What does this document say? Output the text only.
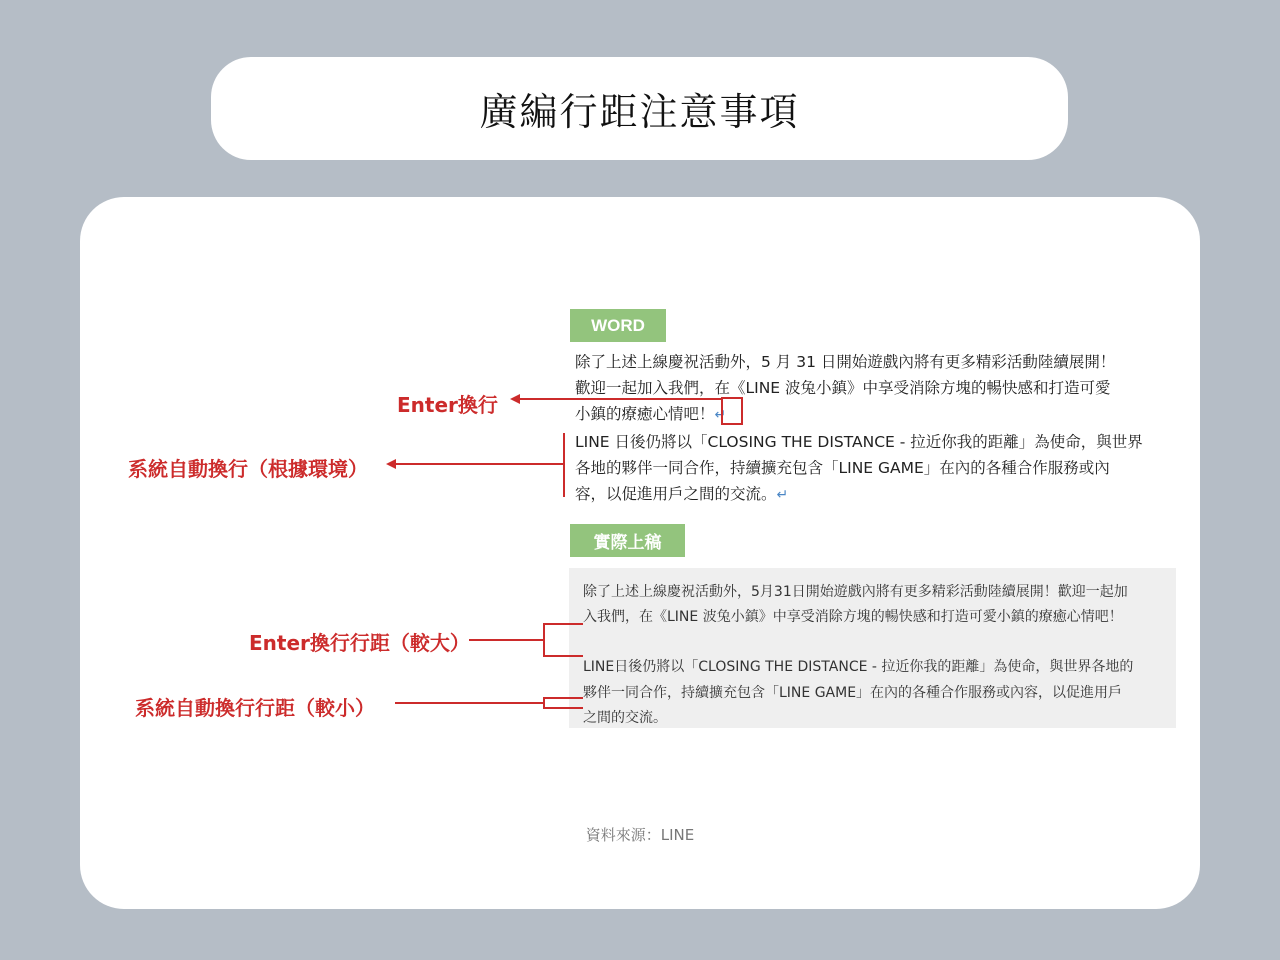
廣編行距注意事項
WORD
除了上述上線慶祝活動外，5 月 31 日開始遊戲內將有更多精彩活動陸續展開！
歡迎一起加入我們，在《LINE 波兔小鎮》中享受消除方塊的暢快感和打造可愛
小鎮的療癒心情吧！↵
LINE 日後仍將以「CLOSING THE DISTANCE - 拉近你我的距離」為使命，與世界
各地的夥伴一同合作，持續擴充包含「LINE GAME」在內的各種合作服務或內
容，以促進用戶之間的交流。↵
實際上稿
除了上述上線慶祝活動外，5月31日開始遊戲內將有更多精彩活動陸續展開！歡迎一起加
入我們，在《LINE 波兔小鎮》中享受消除方塊的暢快感和打造可愛小鎮的療癒心情吧！
LINE日後仍將以「CLOSING THE DISTANCE - 拉近你我的距離」為使命，與世界各地的
夥伴一同合作，持續擴充包含「LINE GAME」在內的各種合作服務或內容，以促進用戶
之間的交流。
Enter換行
系統自動換行（根據環境）
Enter換行行距（較大）
系統自動換行行距（較小）
資料來源：LINE
